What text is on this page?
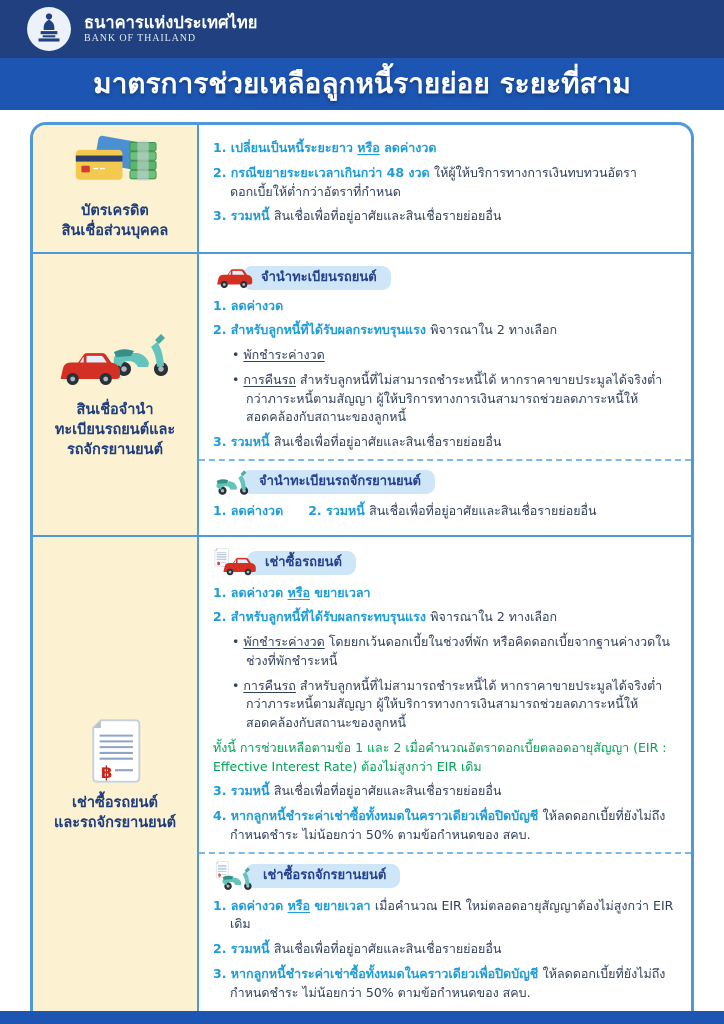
ธนาคารแห่งประเทศไทย
BANK OF THAILAND
มาตรการช่วยเหลือลูกหนี้รายย่อย ระยะที่สาม
บัตรเครดิต
สินเชื่อส่วนบุคคล
1. เปลี่ยนเป็นหนี้ระยะยาว หรือ ลดค่างวด
2. กรณีขยายระยะเวลาเกินกว่า 48 งวด ให้ผู้ให้บริการทางการเงินทบทวนอัตราดอกเบี้ยให้ต่ำกว่าอัตราที่กำหนด
3. รวมหนี้ สินเชื่อเพื่อที่อยู่อาศัยและสินเชื่อรายย่อยอื่น
สินเชื่อจำนำ
ทะเบียนรถยนต์และ
รถจักรยานยนต์
จำนำทะเบียนรถยนต์
1. ลดค่างวด
2. สำหรับลูกหนี้ที่ได้รับผลกระทบรุนแรง พิจารณาใน 2 ทางเลือก
• พักชำระค่างวด
• การคืนรถ สำหรับลูกหนี้ที่ไม่สามารถชำระหนี้ได้ หากราคาขายประมูลได้จริงต่ำกว่าภาระหนี้ตามสัญญา ผู้ให้บริการทางการเงินสามารถช่วยลดภาระหนี้ให้สอดคล้องกับสถานะของลูกหนี้
3. รวมหนี้ สินเชื่อเพื่อที่อยู่อาศัยและสินเชื่อรายย่อยอื่น
จำนำทะเบียนรถจักรยานยนต์
1. ลดค่างวด   2. รวมหนี้ สินเชื่อเพื่อที่อยู่อาศัยและสินเชื่อรายย่อยอื่น
เช่าซื้อรถยนต์
และรถจักรยานยนต์
เช่าซื้อรถยนต์
1. ลดค่างวด หรือ ขยายเวลา
2. สำหรับลูกหนี้ที่ได้รับผลกระทบรุนแรง พิจารณาใน 2 ทางเลือก
• พักชำระค่างวด โดยยกเว้นดอกเบี้ยในช่วงที่พัก หรือคิดดอกเบี้ยจากฐานค่างวดในช่วงที่พักชำระหนี้
• การคืนรถ สำหรับลูกหนี้ที่ไม่สามารถชำระหนี้ได้ หากราคาขายประมูลได้จริงต่ำกว่าภาระหนี้ตามสัญญา ผู้ให้บริการทางการเงินสามารถช่วยลดภาระหนี้ให้สอดคล้องกับสถานะของลูกหนี้
ทั้งนี้ การช่วยเหลือตามข้อ 1 และ 2 เมื่อคำนวณอัตราดอกเบี้ยตลอดอายุสัญญา (EIR : Effective Interest Rate) ต้องไม่สูงกว่า EIR เดิม
3. รวมหนี้ สินเชื่อเพื่อที่อยู่อาศัยและสินเชื่อรายย่อยอื่น
4. หากลูกหนี้ชำระค่าเช่าซื้อทั้งหมดในคราวเดียวเพื่อปิดบัญชี ให้ลดดอกเบี้ยที่ยังไม่ถึงกำหนดชำระ ไม่น้อยกว่า 50% ตามข้อกำหนดของ สคบ.
เช่าซื้อรถจักรยานยนต์
1. ลดค่างวด หรือ ขยายเวลา เมื่อคำนวณ EIR ใหม่ตลอดอายุสัญญาต้องไม่สูงกว่า EIR เดิม
2. รวมหนี้ สินเชื่อเพื่อที่อยู่อาศัยและสินเชื่อรายย่อยอื่น
3. หากลูกหนี้ชำระค่าเช่าซื้อทั้งหมดในคราวเดียวเพื่อปิดบัญชี ให้ลดดอกเบี้ยที่ยังไม่ถึงกำหนดชำระ ไม่น้อยกว่า 50% ตามข้อกำหนดของ สคบ.
